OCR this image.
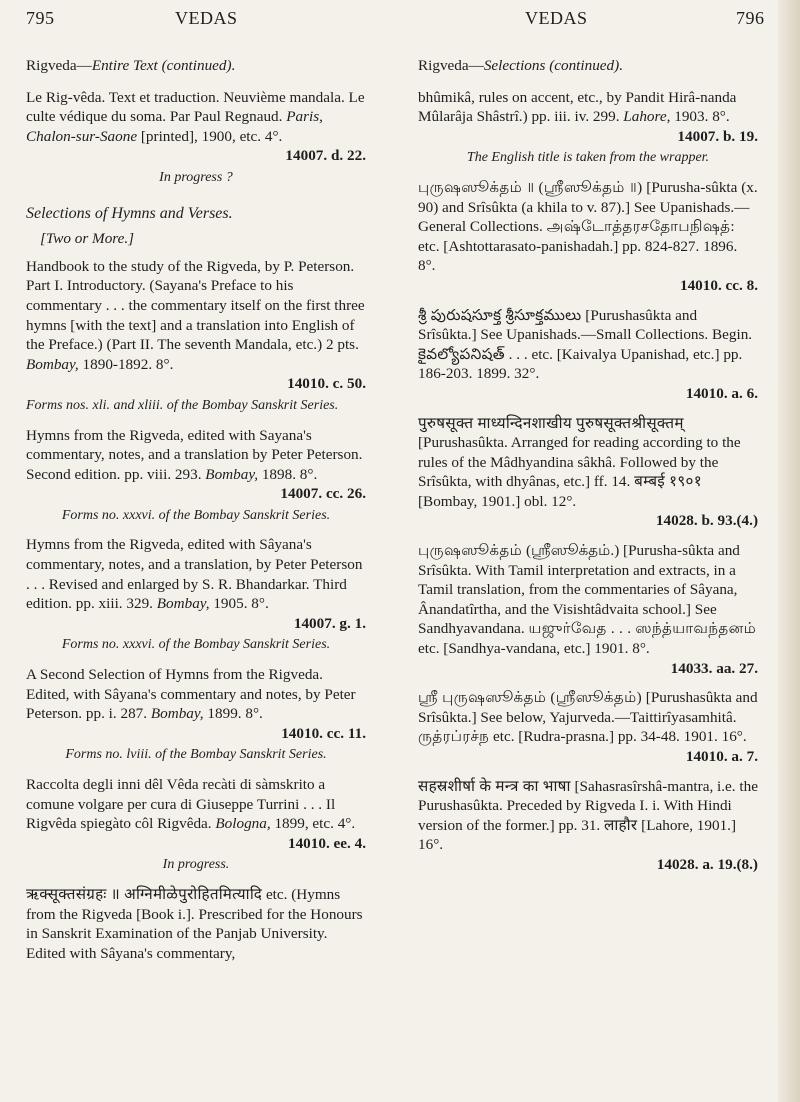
795	VEDAS	VEDAS	796
Rigveda—Entire Text (continued).

Le Rig-vêda. Text et traduction. Neuvième mandala. Le culte védique du soma. Par Paul Regnaud. Paris, Chalon-sur-Saone [printed], 1900, etc. 4°.

14007. d. 22.
In progress ?
Selections of Hymns and Verses.
[Two or More.]

Handbook to the study of the Rigveda, by P. Peterson. Part I. Introductory. (Sayana's Preface to his commentary . . . the commentary itself on the first three hymns [with the text] and a translation into English of the Preface.) (Part II. The seventh Mandala, etc.) 2 pts. Bombay, 1890-1892. 8°.

14010. c. 50.
Forms nos. xli. and xliii. of the Bombay Sanskrit Series.

Hymns from the Rigveda, edited with Sayana's commentary, notes, and a translation by Peter Peterson. Second edition. pp. viii. 293. Bombay, 1898. 8°.

14007. cc. 26.
Forms no. xxxvi. of the Bombay Sanskrit Series.

Hymns from the Rigveda, edited with Sâyana's commentary, notes, and a translation, by Peter Peterson . . . Revised and enlarged by S. R. Bhandarkar. Third edition. pp. xiii. 329. Bombay, 1905. 8°.

14007. g. 1.
Forms no. xxxvi. of the Bombay Sanskrit Series.

A Second Selection of Hymns from the Rigveda. Edited, with Sâyana's commentary and notes, by Peter Peterson. pp. i. 287. Bombay, 1899. 8°.

14010. cc. 11.
Forms no. lviii. of the Bombay Sanskrit Series.

Raccolta degli inni dêl Vêda recàti di sàmskrito a comune volgare per cura di Giuseppe Turrini . . . Il Rigvêda spiegàto côl Rigvêda. Bologna, 1899, etc. 4°.

14010. ee. 4.
In progress.

ऋक्सूक्तसंग्रहः ॥ अग्निमीळेपुरोहितमित्यादि etc. (Hymns from the Rigveda [Book i.]. Prescribed for the Honours in Sanskrit Examination of the Panjab University. Edited with Sâyana's commentary,

Rigveda—Selections (continued).

bhûmikâ, rules on accent, etc., by Pandit Hirâ-nanda Mûlarâja Shâstrî.) pp. iii. iv. 299. Lahore, 1903. 8°.

14007. b. 19.
The English title is taken from the wrapper.

புருஷஸூக்தம் ॥ (ஸ்ரீஸூக்தம் ॥) [Purusha-sûkta (x. 90) and Srîsûkta (a khila to v. 87).] See Upanishads.—General Collections. அஷ்டோத்தரசதோபநிஷத்: etc. [Ashtottarasato-panishadah.] pp. 824-827. 1896. 8°.

14010. cc. 8.

శ్రీ పురుషసూక్త శ్రీసూక్తములు [Purushasûkta and Srîsûkta.] See Upanishads.—Small Collections. Begin. కైవల్యోపనిషత్ . . . etc. [Kaivalya Upanishad, etc.] pp. 186-203. 1899. 32°.

14010. a. 6.

पुरुषसूक्त माध्यन्दिनशाखीय पुरुषसूक्तश्रीसूक्तम् [Purushasûkta. Arranged for reading according to the rules of the Mâdhyandina sâkhâ. Followed by the Srîsûkta, with dhyânas, etc.] ff. 14. बम्बई १९०१ [Bombay, 1901.] obl. 12°.

14028. b. 93.(4.)

புருஷஸூக்தம் (ஸ்ரீஸூக்தம்.) [Purusha-sûkta and Srîsûkta. With Tamil interpretation and extracts, in a Tamil translation, from the commentaries of Sâyana, Ânandatîrtha, and the Visishtâdvaita school.] See Sandhyavandana. யஜுர்வேத . . . ஸந்த்யாவந்தனம் etc. [Sandhya-vandana, etc.] 1901. 8°.

14033. aa. 27.

ஸ்ரீ புருஷஸூக்தம் (ஸ்ரீஸூக்தம்) [Purushasûkta and Srîsûkta.] See below, Yajurveda.—Taittirîyasamhitâ. ருத்ரப்ரச்ந etc. [Rudra-prasna.] pp. 34-48. 1901. 16°.

14010. a. 7.

सहस्रशीर्षा के मन्त्र का भाषा [Sahasrasîrshâ-mantra, i.e. the Purushasûkta. Preceded by Rigveda I. i. With Hindi version of the former.] pp. 31. लाहौर [Lahore, 1901.] 16°.

14028. a. 19.(8.)
